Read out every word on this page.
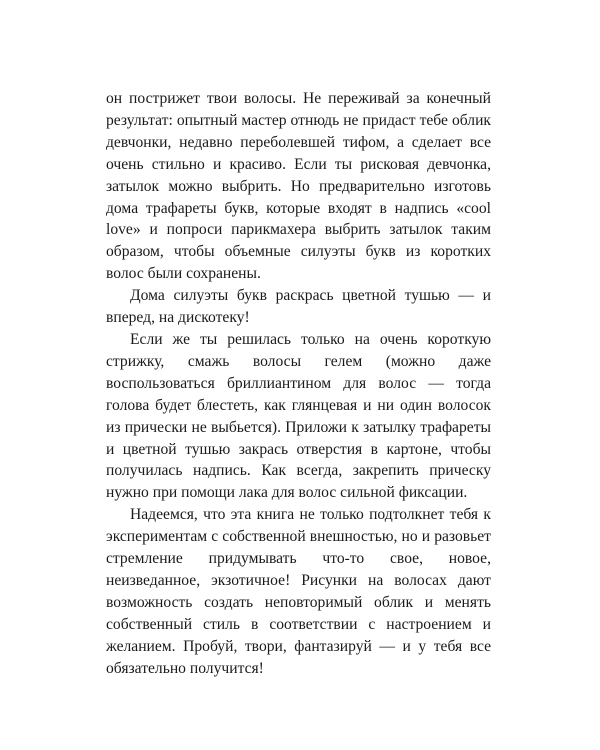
он пострижет твои волосы. Не переживай за конечный результат: опытный мастер отнюдь не придаст тебе облик девчонки, недавно переболевшей тифом, а сделает все очень стильно и красиво. Если ты рисковая девчонка, затылок можно выбрить. Но предварительно изготовь дома трафареты букв, которые входят в надпись «cool love» и попроси парикмахера выбрить затылок таким образом, чтобы объемные силуэты букв из коротких волос были сохранены.

Дома силуэты букв раскрась цветной тушью — и вперед, на дискотеку!

Если же ты решилась только на очень короткую стрижку, смажь волосы гелем (можно даже воспользоваться бриллиантином для волос — тогда голова будет блестеть, как глянцевая и ни один волосок из прически не выбьется). Приложи к затылку трафареты и цветной тушью закрась отверстия в картоне, чтобы получилась надпись. Как всегда, закрепить прическу нужно при помощи лака для волос сильной фиксации.

Надеемся, что эта книга не только подтолкнет тебя к экспериментам с собственной внешностью, но и разовьет стремление придумывать что-то свое, новое, неизведанное, экзотичное! Рисунки на волосах дают возможность создать неповторимый облик и менять собственный стиль в соответствии с настроением и желанием. Пробуй, твори, фантазируй — и у тебя все обязательно получится!
